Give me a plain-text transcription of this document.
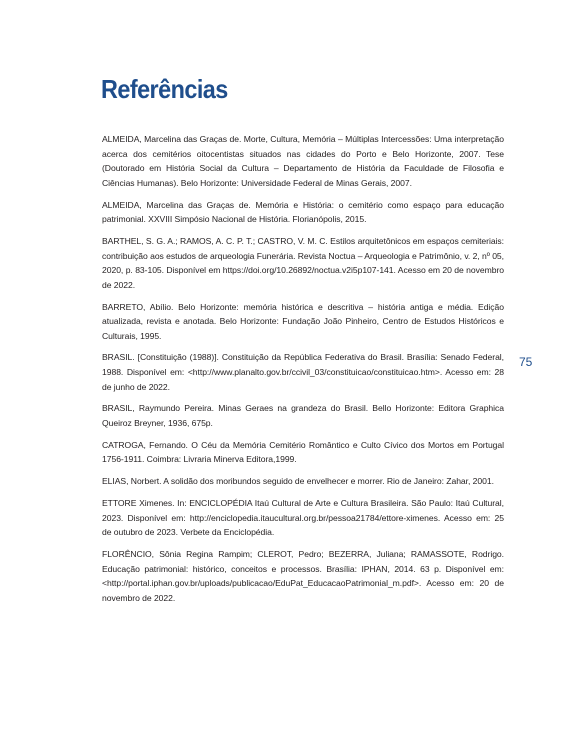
Referências
ALMEIDA, Marcelina das Graças de. Morte, Cultura, Memória – Múltiplas Intercessões: Uma interpretação acerca dos cemitérios oitocentistas situados nas cidades do Porto e Belo Horizonte, 2007. Tese (Doutorado em História Social da Cultura – Departamento de História da Faculdade de Filosofia e Ciências Humanas). Belo Horizonte: Universidade Federal de Minas Gerais, 2007.
ALMEIDA, Marcelina das Graças de. Memória e História: o cemitério como espaço para educação patrimonial. XXVIII Simpósio Nacional de História. Florianópolis, 2015.
BARTHEL, S. G. A.; RAMOS, A. C. P. T.; CASTRO, V. M. C. Estilos arquitetônicos em espaços cemiteriais: contribuição aos estudos de arqueologia Funerária. Revista Noctua – Arqueologia e Patrimônio, v. 2, nº 05, 2020, p. 83-105. Disponível em https://doi.org/10.26892/noctua.v2i5p107-141. Acesso em 20 de novembro de 2022.
BARRETO, Abílio. Belo Horizonte: memória histórica e descritiva – história antiga e média. Edição atualizada, revista e anotada. Belo Horizonte: Fundação João Pinheiro, Centro de Estudos Históricos e Culturais, 1995.
BRASIL. [Constituição (1988)]. Constituição da República Federativa do Brasil. Brasília: Senado Federal, 1988. Disponível em: <http://www.planalto.gov.br/ccivil_03/constituicao/constituicao.htm>. Acesso em: 28 de junho de 2022.
BRASIL, Raymundo Pereira. Minas Geraes na grandeza do Brasil. Bello Horizonte: Editora Graphica Queiroz Breyner, 1936, 675p.
CATROGA, Fernando. O Céu da Memória Cemitério Romântico e Culto Cívico dos Mortos em Portugal 1756-1911. Coimbra: Livraria Minerva Editora,1999.
ELIAS, Norbert. A solidão dos moribundos seguido de envelhecer e morrer. Rio de Janeiro: Zahar, 2001.
ETTORE Ximenes. In: ENCICLOPÉDIA Itaú Cultural de Arte e Cultura Brasileira. São Paulo: Itaú Cultural, 2023. Disponível em: http://enciclopedia.itaucultural.org.br/pessoa21784/ettore-ximenes. Acesso em: 25 de outubro de 2023. Verbete da Enciclopédia.
FLORÊNCIO, Sônia Regina Rampim; CLEROT, Pedro; BEZERRA, Juliana; RAMASSOTE, Rodrigo. Educação patrimonial: histórico, conceitos e processos. Brasília: IPHAN, 2014. 63 p. Disponível em: <http://portal.iphan.gov.br/uploads/publicacao/EduPat_EducacaoPatrimonial_m.pdf>. Acesso em: 20 de novembro de 2022.
75
